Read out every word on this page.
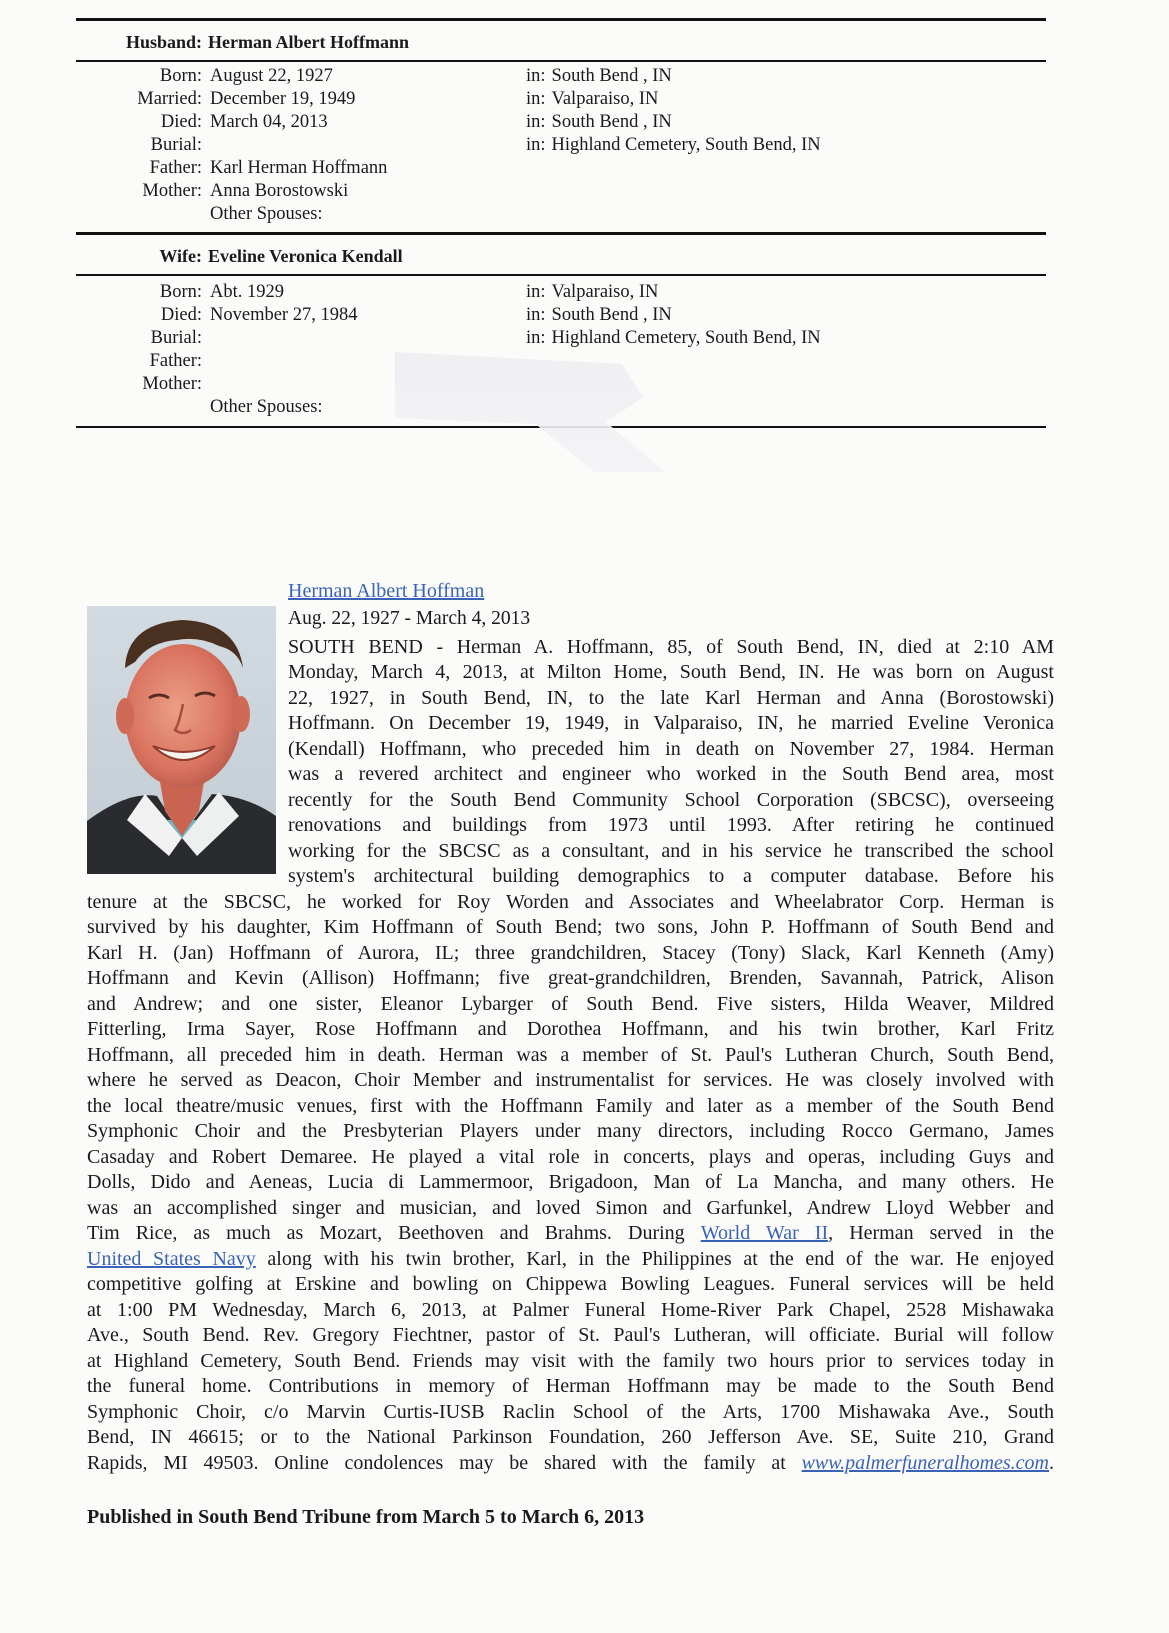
Husband: Herman Albert Hoffmann
Born: August 22, 1927	in: South Bend , IN
Married: December 19, 1949	in: Valparaiso, IN
Died: March 04, 2013	in: South Bend , IN
Burial:	in: Highland Cemetery, South Bend, IN
Father: Karl Herman Hoffmann
Mother: Anna Borostowski
Other Spouses:
Wife: Eveline Veronica Kendall
Born: Abt. 1929	in: Valparaiso, IN
Died: November 27, 1984	in: South Bend , IN
Burial:	in: Highland Cemetery, South Bend, IN
Father:
Mother:
Other Spouses:
Herman Albert Hoffman
Aug. 22, 1927 - March 4, 2013
SOUTH BEND - Herman A. Hoffmann, 85, of South Bend, IN, died at 2:10 AM
Monday, March 4, 2013, at Milton Home, South Bend, IN. He was born on August
22, 1927, in South Bend, IN, to the late Karl Herman and Anna (Borostowski)
Hoffmann. On December 19, 1949, in Valparaiso, IN, he married Eveline Veronica
(Kendall) Hoffmann, who preceded him in death on November 27, 1984. Herman
was a revered architect and engineer who worked in the South Bend area, most
recently for the South Bend Community School Corporation (SBCSC), overseeing
renovations and buildings from 1973 until 1993. After retiring he continued
working for the SBCSC as a consultant, and in his service he transcribed the school
system's architectural building demographics to a computer database. Before his
tenure at the SBCSC, he worked for Roy Worden and Associates and Wheelabrator Corp. Herman is
survived by his daughter, Kim Hoffmann of South Bend; two sons, John P. Hoffmann of South Bend and
Karl H. (Jan) Hoffmann of Aurora, IL; three grandchildren, Stacey (Tony) Slack, Karl Kenneth (Amy)
Hoffmann and Kevin (Allison) Hoffmann; five great-grandchildren, Brenden, Savannah, Patrick, Alison
and Andrew; and one sister, Eleanor Lybarger of South Bend. Five sisters, Hilda Weaver, Mildred
Fitterling, Irma Sayer, Rose Hoffmann and Dorothea Hoffmann, and his twin brother, Karl Fritz
Hoffmann, all preceded him in death. Herman was a member of St. Paul's Lutheran Church, South Bend,
where he served as Deacon, Choir Member and instrumentalist for services. He was closely involved with
the local theatre/music venues, first with the Hoffmann Family and later as a member of the South Bend
Symphonic Choir and the Presbyterian Players under many directors, including Rocco Germano, James
Casaday and Robert Demaree. He played a vital role in concerts, plays and operas, including Guys and
Dolls, Dido and Aeneas, Lucia di Lammermoor, Brigadoon, Man of La Mancha, and many others. He
was an accomplished singer and musician, and loved Simon and Garfunkel, Andrew Lloyd Webber and
Tim Rice, as much as Mozart, Beethoven and Brahms. During World War II, Herman served in the
United States Navy along with his twin brother, Karl, in the Philippines at the end of the war. He enjoyed
competitive golfing at Erskine and bowling on Chippewa Bowling Leagues. Funeral services will be held
at 1:00 PM Wednesday, March 6, 2013, at Palmer Funeral Home-River Park Chapel, 2528 Mishawaka
Ave., South Bend. Rev. Gregory Fiechtner, pastor of St. Paul's Lutheran, will officiate. Burial will follow
at Highland Cemetery, South Bend. Friends may visit with the family two hours prior to services today in
the funeral home. Contributions in memory of Herman Hoffmann may be made to the South Bend
Symphonic Choir, c/o Marvin Curtis-IUSB Raclin School of the Arts, 1700 Mishawaka Ave., South
Bend, IN 46615; or to the National Parkinson Foundation, 260 Jefferson Ave. SE, Suite 210, Grand
Rapids, MI 49503. Online condolences may be shared with the family at www.palmerfuneralhomes.com.
Published in South Bend Tribune from March 5 to March 6, 2013
